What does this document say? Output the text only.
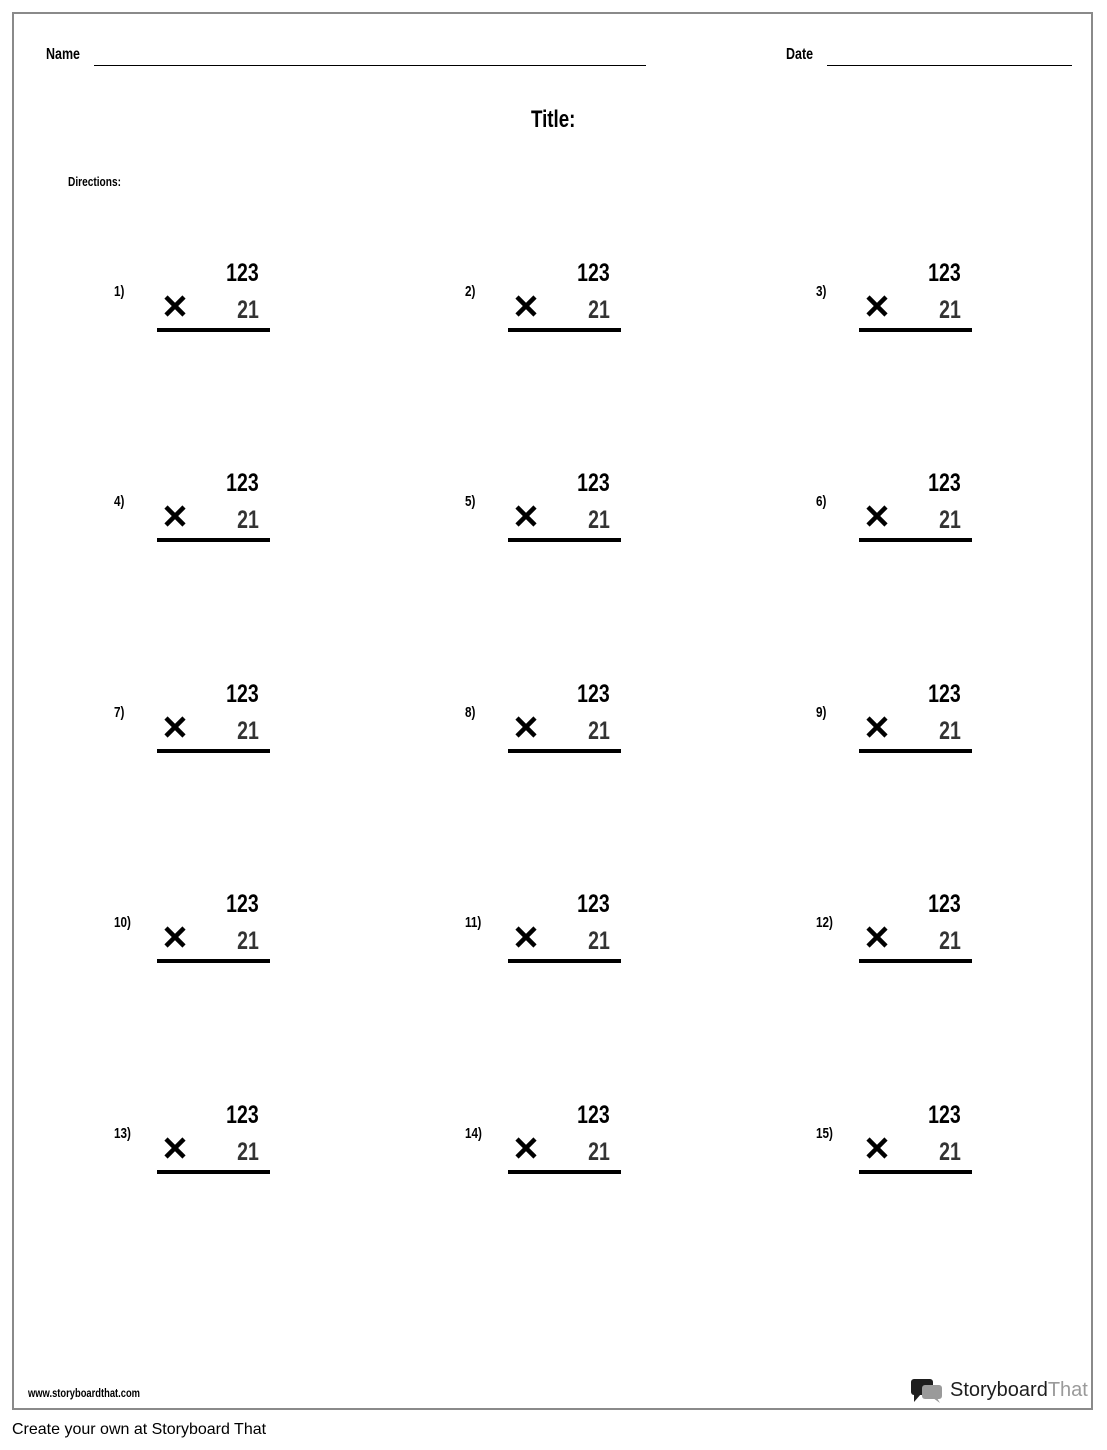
Name	Date
Title:
Directions:
1)
123
21
2)
123
21
3)
123
21
4)
123
21
5)
123
21
6)
123
21
7)
123
21
8)
123
21
9)
123
21
10)
123
21
11)
123
21
12)
123
21
13)
123
21
14)
123
21
15)
123
21
www.storyboardthat.com	StoryboardThat
Create your own at Storyboard That
